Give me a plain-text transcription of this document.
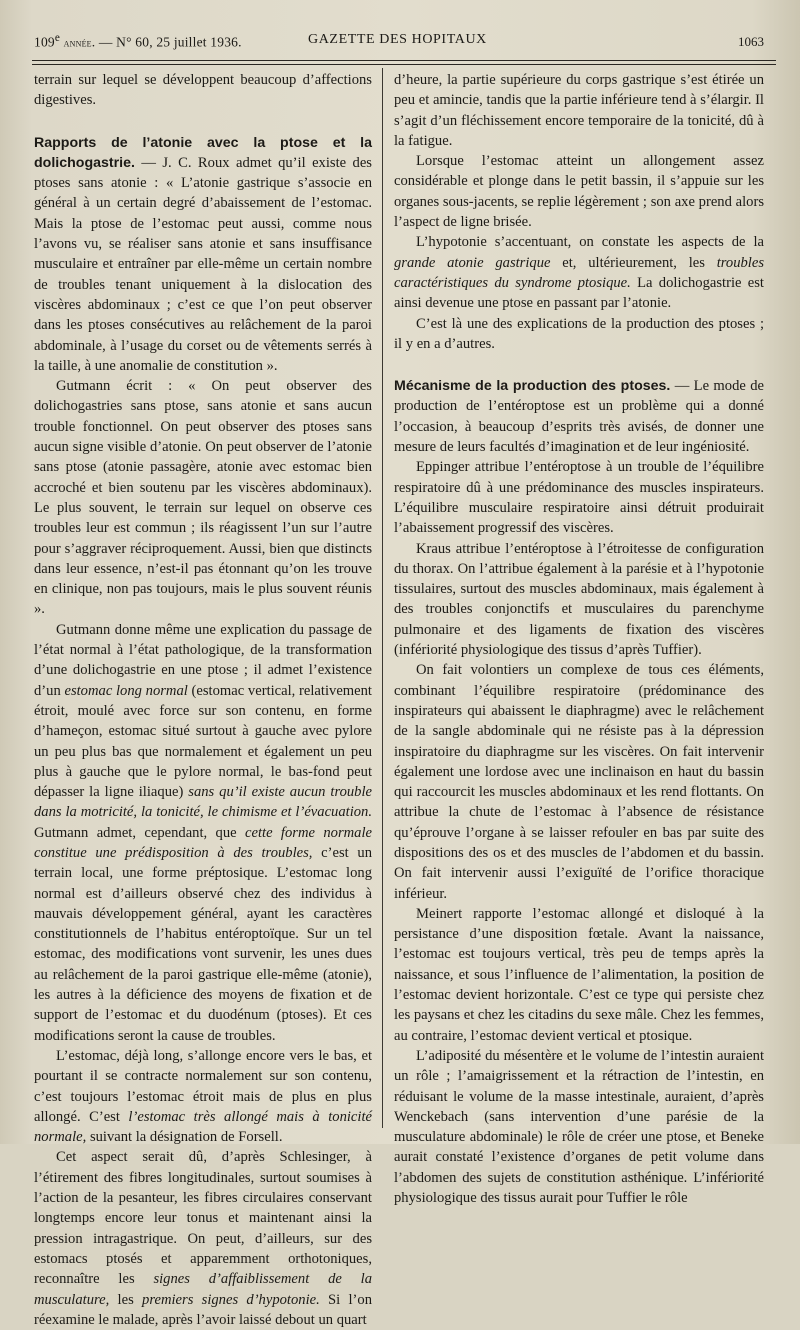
109e année. — N° 60, 25 juillet 1936.	GAZETTE DES HOPITAUX	1063

terrain sur lequel se développent beaucoup d’affections digestives.

Rapports de l’atonie avec la ptose et la dolichogastrie. — J. C. Roux admet qu’il existe des ptoses sans atonie : « L’atonie gastrique s’associe en général à un certain degré d’abaissement de l’estomac. Mais la ptose de l’estomac peut aussi, comme nous l’avons vu, se réaliser sans atonie et sans insuffisance musculaire et entraîner par elle-même un certain nombre de troubles tenant uniquement à la dislocation des viscères abdominaux ; c’est ce que l’on peut observer dans les ptoses consécutives au relâchement de la paroi abdominale, à l’usage du corset ou de vêtements serrés à la taille, à une anomalie de constitution ».

Gutmann écrit : « On peut observer des dolichogastries sans ptose, sans atonie et sans aucun trouble fonctionnel. On peut observer des ptoses sans aucun signe visible d’atonie. On peut observer de l’atonie sans ptose (atonie passagère, atonie avec estomac bien accroché et bien soutenu par les viscères abdominaux). Le plus souvent, le terrain sur lequel on observe ces troubles leur est commun ; ils réagissent l’un sur l’autre pour s’aggraver réciproquement. Aussi, bien que distincts dans leur essence, n’est-il pas étonnant qu’on les trouve en clinique, non pas toujours, mais le plus souvent réunis ».

Gutmann donne même une explication du passage de l’état normal à l’état pathologique, de la transformation d’une dolichogastrie en une ptose ; il admet l’existence d’un estomac long normal (estomac vertical, relativement étroit, moulé avec force sur son contenu, en forme d’hameçon, estomac situé surtout à gauche avec pylore un peu plus bas que normalement et également un peu plus à gauche que le pylore normal, le bas-fond peut dépasser la ligne iliaque) sans qu’il existe aucun trouble dans la motricité, la tonicité, le chimisme et l’évacuation. Gutmann admet, cependant, que cette forme normale constitue une prédisposition à des troubles, c’est un terrain local, une forme préptosique. L’estomac long normal est d’ailleurs observé chez des individus à mauvais développement général, ayant les caractères constitutionnels de l’habitus entéroptoïque. Sur un tel estomac, des modifications vont survenir, les unes dues au relâchement de la paroi gastrique elle-même (atonie), les autres à la déficience des moyens de fixation et de support de l’estomac et du duodénum (ptoses). Et ces modifications seront la cause de troubles.

L’estomac, déjà long, s’allonge encore vers le bas, et pourtant il se contracte normalement sur son contenu, c’est toujours l’estomac étroit mais de plus en plus allongé. C’est l’estomac très allongé mais à tonicité normale, suivant la désignation de Forsell.

Cet aspect serait dû, d’après Schlesinger, à l’étirement des fibres longitudinales, surtout soumises à l’action de la pesanteur, les fibres circulaires conservant longtemps encore leur tonus et maintenant ainsi la pression intragastrique. On peut, d’ailleurs, sur des estomacs ptosés et apparemment orthotoniques, reconnaître les signes d’affaiblissement de la musculature, les premiers signes d’hypotonie. Si l’on réexamine le malade, après l’avoir laissé debout un quart

d’heure, la partie supérieure du corps gastrique s’est étirée un peu et amincie, tandis que la partie inférieure tend à s’élargir. Il s’agit d’un fléchissement encore temporaire de la tonicité, dû à la fatigue.

Lorsque l’estomac atteint un allongement assez considérable et plonge dans le petit bassin, il s’appuie sur les organes sous-jacents, se replie légèrement ; son axe prend alors l’aspect de ligne brisée.

L’hypotonie s’accentuant, on constate les aspects de la grande atonie gastrique et, ultérieurement, les troubles caractéristiques du syndrome ptosique. La dolichogastrie est ainsi devenue une ptose en passant par l’atonie.

C’est là une des explications de la production des ptoses ; il y en a d’autres.

Mécanisme de la production des ptoses. — Le mode de production de l’entéroptose est un problème qui a donné l’occasion, à beaucoup d’esprits très avisés, de donner une mesure de leurs facultés d’imagination et de leur ingéniosité.

Eppinger attribue l’entéroptose à un trouble de l’équilibre respiratoire dû à une prédominance des muscles inspirateurs. L’équilibre musculaire respiratoire ainsi détruit produirait l’abaissement progressif des viscères.

Kraus attribue l’entéroptose à l’étroitesse de configuration du thorax. On l’attribue également à la parésie et à l’hypotonie tissulaires, surtout des muscles abdominaux, mais également à des troubles conjonctifs et musculaires du parenchyme pulmonaire et des ligaments de fixation des viscères (infériorité physiologique des tissus d’après Tuffier).

On fait volontiers un complexe de tous ces éléments, combinant l’équilibre respiratoire (prédominance des inspirateurs qui abaissent le diaphragme) avec le relâchement de la sangle abdominale qui ne résiste pas à la dépression inspiratoire du diaphragme sur les viscères. On fait intervenir également une lordose avec une inclinaison en haut du bassin qui raccourcit les muscles abdominaux et les rend flottants. On attribue la chute de l’estomac à l’absence de résistance qu’éprouve l’organe à se laisser refouler en bas par suite des dispositions des os et des muscles de l’abdomen et du bassin. On fait intervenir aussi l’exiguïté de l’orifice thoracique inférieur.

Meinert rapporte l’estomac allongé et disloqué à la persistance d’une disposition fœtale. Avant la naissance, l’estomac est toujours vertical, très peu de temps après la naissance, et sous l’influence de l’alimentation, la position de l’estomac devient horizontale. C’est ce type qui persiste chez les paysans et chez les citadins du sexe mâle. Chez les femmes, au contraire, l’estomac devient vertical et ptosique.

L’adiposité du mésentère et le volume de l’intestin auraient un rôle ; l’amaigrissement et la rétraction de l’intestin, en réduisant le volume de la masse intestinale, auraient, d’après Wenckebach (sans intervention d’une parésie de la musculature abdominale) le rôle de créer une ptose, et Beneke aurait constaté l’existence d’organes de petit volume dans l’abdomen des sujets de constitution asthénique. L’infériorité physiologique des tissus aurait pour Tuffier le rôle
